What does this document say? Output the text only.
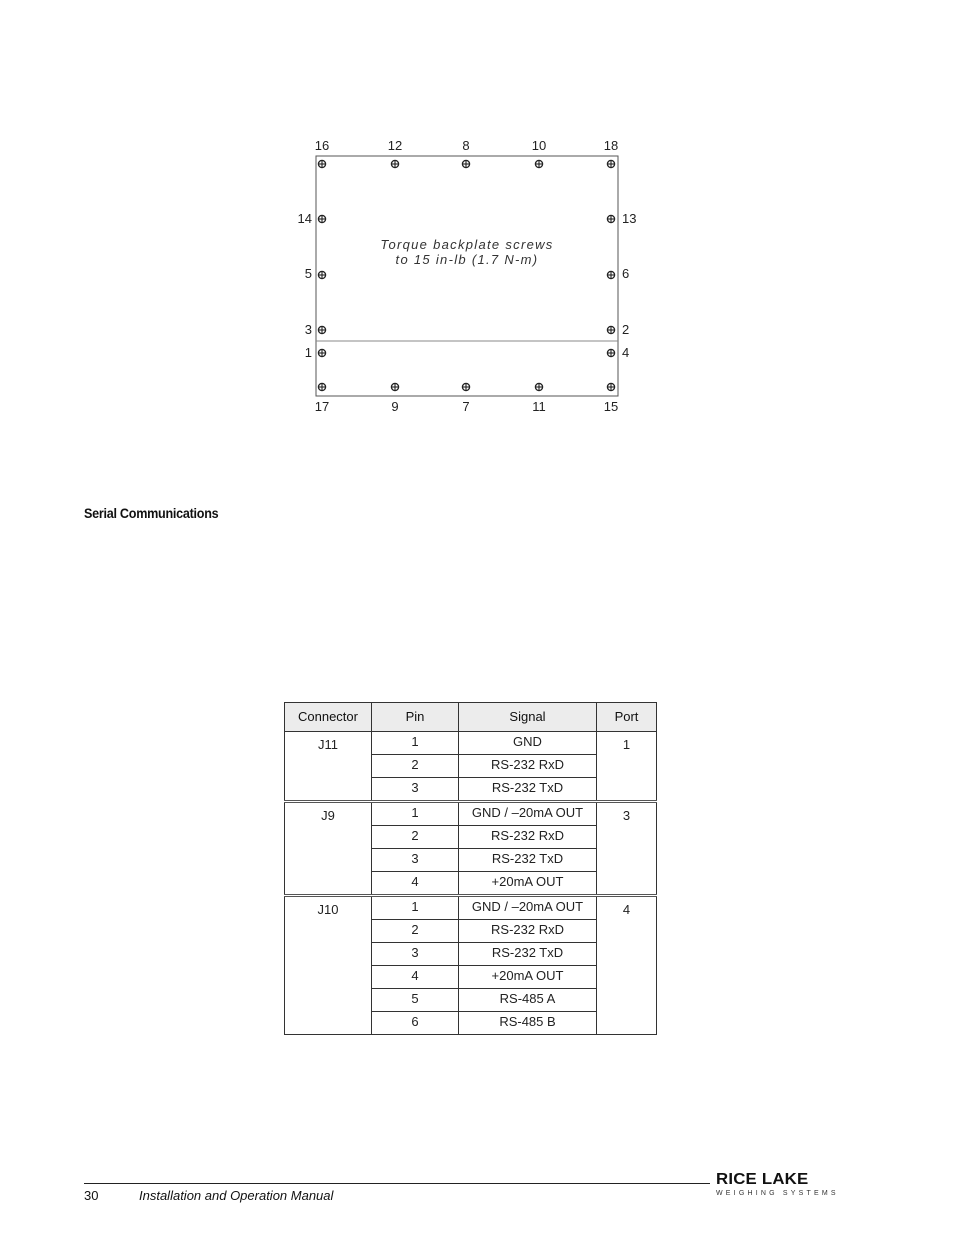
16	12	8	10	18
17	9	7	11	15
14
5
3
1
13
6
2
4
Torque backplate screws
to 15 in-lb (1.7 N-m)
Serial Communications
Connector	Pin	Signal	Port
J11	1	GND	1
	2	RS-232 RxD	
	3	RS-232 TxD	
J9	1	GND / –20mA OUT	3
	2	RS-232 RxD	
	3	RS-232 TxD	
	4	+20mA OUT	
J10	1	GND / –20mA OUT	4
	2	RS-232 RxD	
	3	RS-232 TxD	
	4	+20mA OUT	
	5	RS-485 A	
	6	RS-485 B	
30	Installation and Operation Manual
RICE LAKE
WEIGHING SYSTEMS
